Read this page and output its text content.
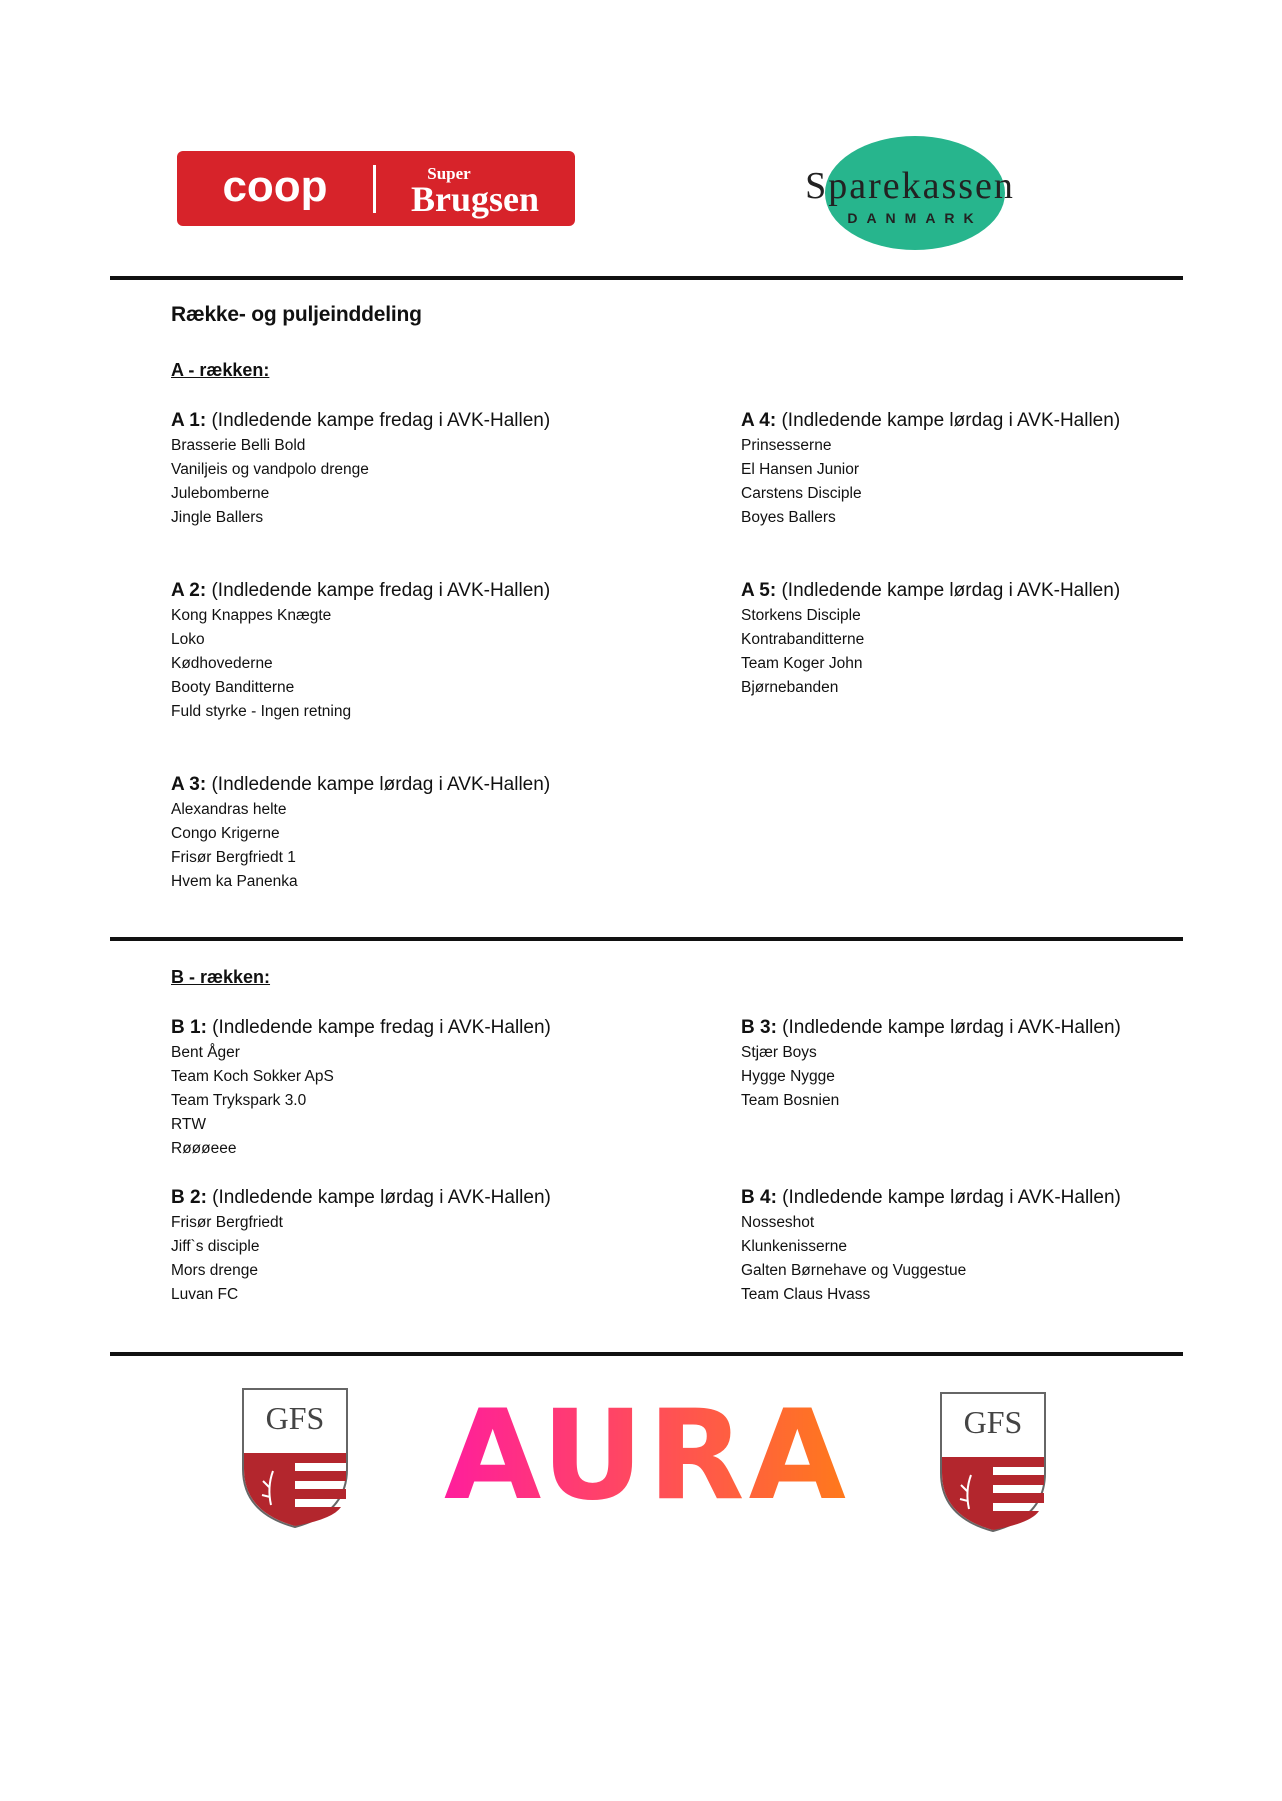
coop	Super
Brugsen	Sparekassen
DANMARK
Række- og puljeinddeling
A - rækken:
A 1: (Indledende kampe fredag i AVK-Hallen)
Brasserie Belli Bold
Vaniljeis og vandpolo drenge
Julebomberne
Jingle Ballers
A 4: (Indledende kampe lørdag i AVK-Hallen)
Prinsesserne
El Hansen Junior
Carstens Disciple
Boyes Ballers
A 2: (Indledende kampe fredag i AVK-Hallen)
Kong Knappes Knægte
Loko
Kødhovederne
Booty Banditterne
Fuld styrke - Ingen retning
A 5: (Indledende kampe lørdag i AVK-Hallen)
Storkens Disciple
Kontrabanditterne
Team Koger John
Bjørnebanden
A 3: (Indledende kampe lørdag i AVK-Hallen)
Alexandras helte
Congo Krigerne
Frisør Bergfriedt 1
Hvem ka Panenka
B - rækken:
B 1: (Indledende kampe fredag i AVK-Hallen)
Bent Åger
Team Koch Sokker ApS
Team Trykspark 3.0
RTW
Røøøeee
B 3: (Indledende kampe lørdag i AVK-Hallen)
Stjær Boys
Hygge Nygge
Team Bosnien
B 2: (Indledende kampe lørdag i AVK-Hallen)
Frisør Bergfriedt
Jiff`s disciple
Mors drenge
Luvan FC
B 4: (Indledende kampe lørdag i AVK-Hallen)
Nosseshot
Klunkenisserne
Galten Børnehave og Vuggestue
Team Claus Hvass
GFS AURA	GFS
